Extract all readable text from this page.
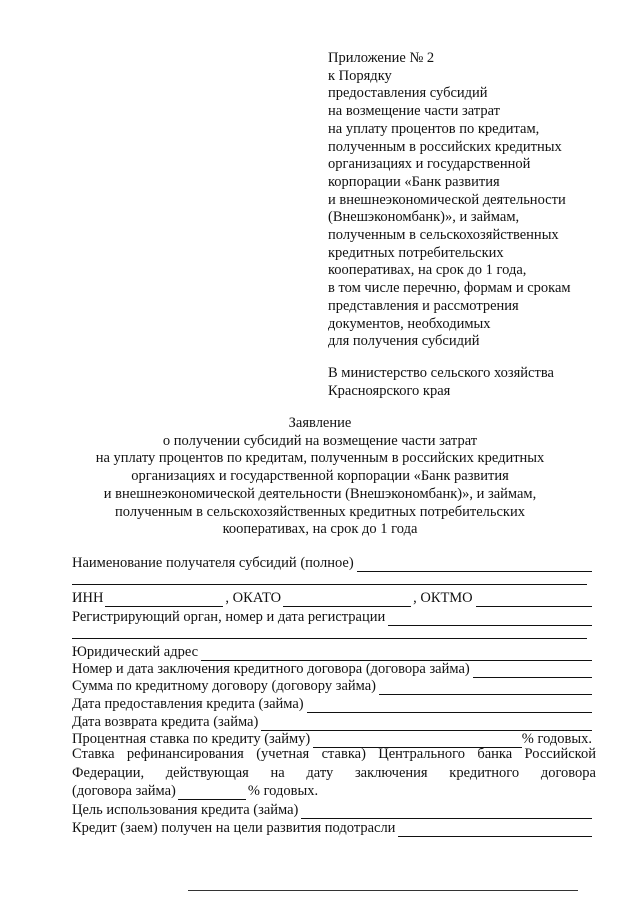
Приложение № 2
к Порядку
предоставления субсидий
на возмещение части затрат
на уплату процентов по кредитам,
полученным в российских кредитных
организациях и государственной
корпорации «Банк развития
и внешнеэкономической деятельности
(Внешэкономбанк)», и займам,
полученным в сельскохозяйственных
кредитных потребительских
кооперативах, на срок до 1 года,
в том числе перечню, формам и срокам
представления и рассмотрения
документов, необходимых
для получения субсидий
В министерство сельского хозяйства
Красноярского края
Заявление
о получении субсидий на возмещение части затрат
на уплату процентов по кредитам, полученным в российских кредитных
организациях и государственной корпорации «Банк развития
и внешнеэкономической деятельности (Внешэкономбанк)», и займам,
полученным в сельскохозяйственных кредитных потребительских
кооперативах, на срок до 1 года
Наименование получателя субсидий (полное)
ИНН	, ОКАТО	, ОКТМО
Регистрирующий орган, номер и дата регистрации
Юридический адрес
Номер и дата заключения кредитного договора (договора займа)
Сумма по кредитному договору (договору займа)
Дата предоставления кредита (займа)
Дата возврата кредита (займа)
Процентная ставка по кредиту (займу)	% годовых.
Ставка рефинансирования (учетная ставка) Центрального банка Российской
Федерации, действующая на дату заключения кредитного договора
(договора займа)	% годовых.
Цель использования кредита (займа)
Кредит (заем) получен на цели развития подотрасли
